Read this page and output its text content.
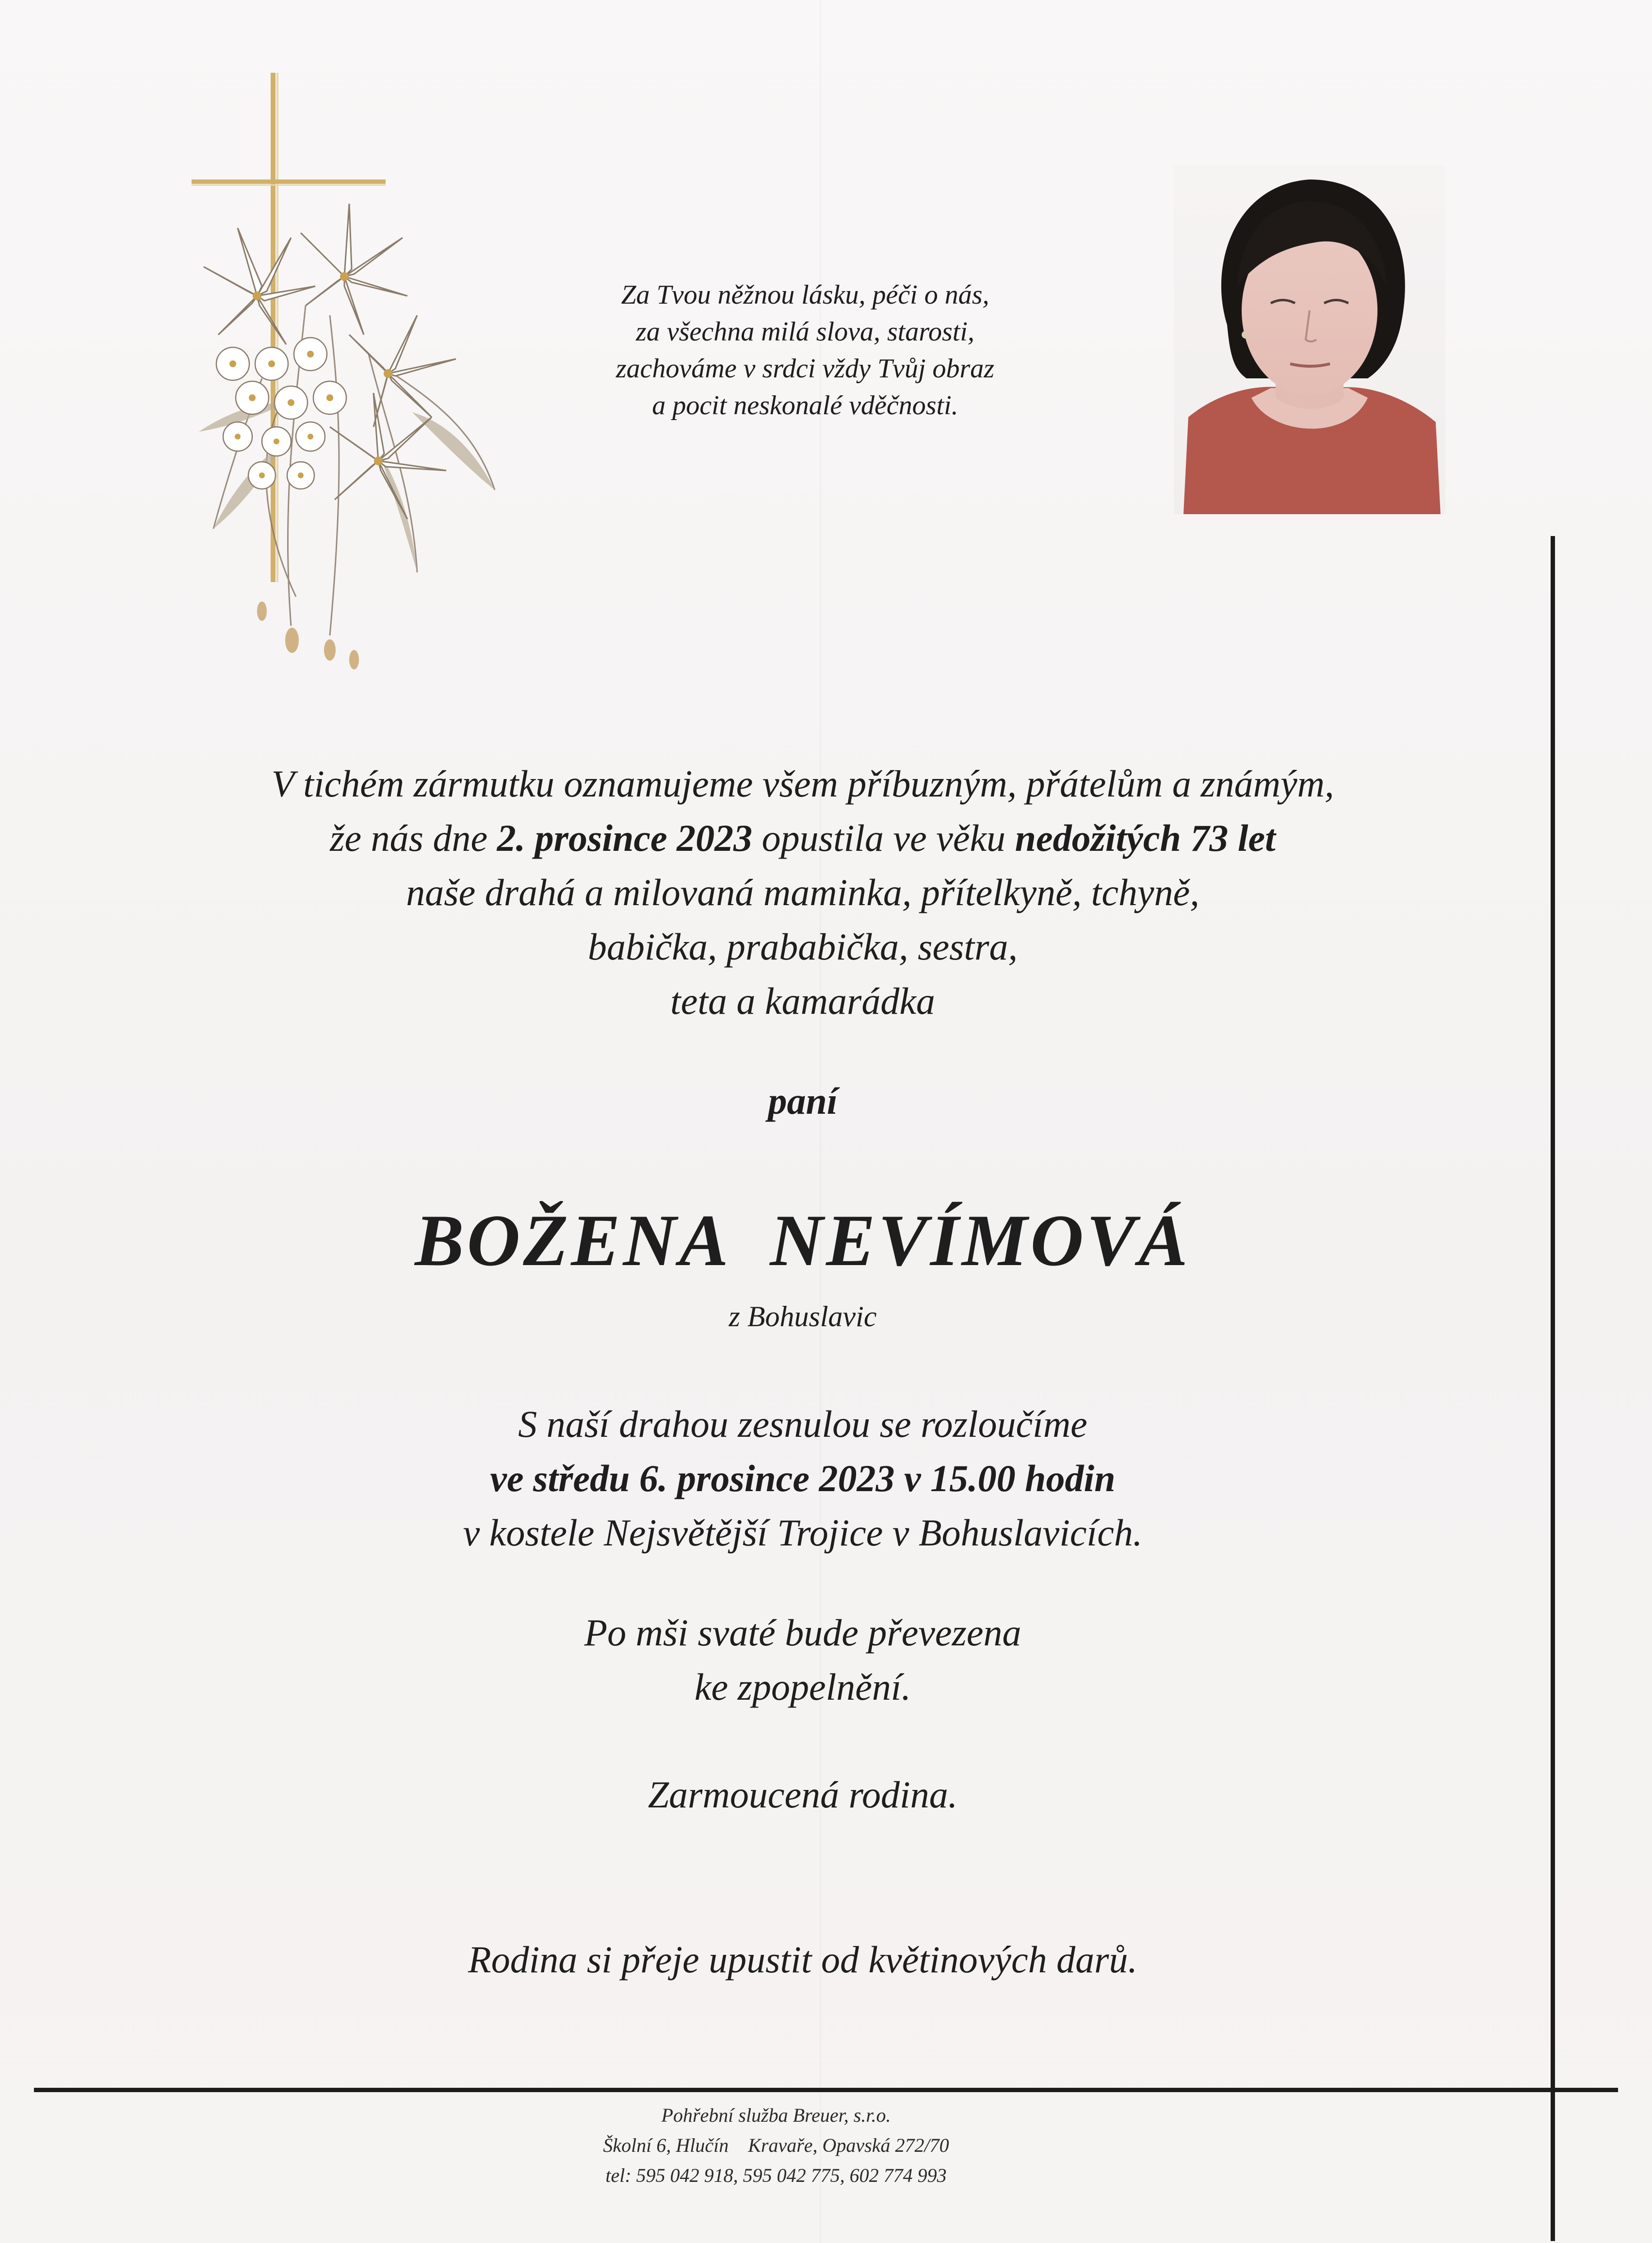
Za Tvou něžnou lásku, péči o nás,
za všechna milá slova, starosti,
zachováme v srdci vždy Tvůj obraz
a pocit neskonalé vděčnosti.
V tichém zármutku oznamujeme všem příbuzným, přátelům a známým,
že nás dne 2. prosince 2023 opustila ve věku nedožitých 73 let
naše drahá a milovaná maminka, přítelkyně, tchyně,
babička, prababička, sestra,
teta a kamarádka
paní
BOŽENA  NEVÍMOVÁ
z Bohuslavic
S naší drahou zesnulou se rozloučíme
ve středu 6. prosince 2023 v 15.00 hodin
v kostele Nejsvětější Trojice v Bohuslavicích.
Po mši svaté bude převezena
ke zpopelnění.
Zarmoucená rodina.
Rodina si přeje upustit od květinových darů.
Pohřební služba Breuer, s.r.o.
Školní 6, Hlučín    Kravaře, Opavská 272/70
tel: 595 042 918, 595 042 775, 602 774 993
